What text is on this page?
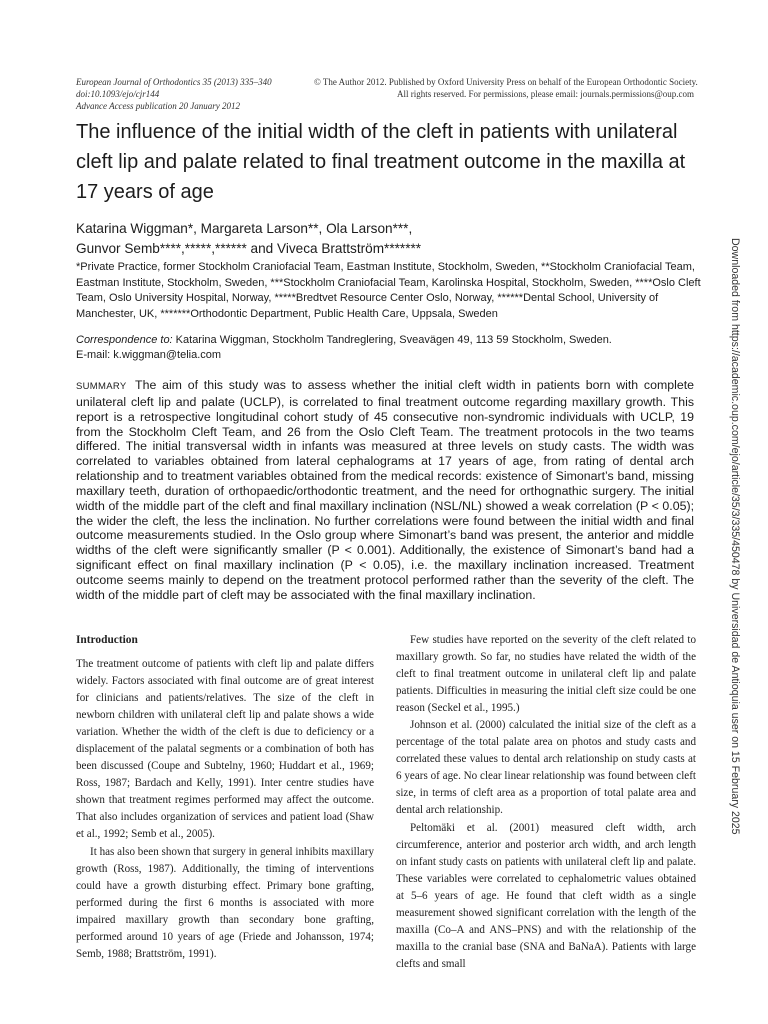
European Journal of Orthodontics 35 (2013) 335–340
doi:10.1093/ejo/cjr144
Advance Access publication 20 January 2012
© The Author 2012. Published by Oxford University Press on behalf of the European Orthodontic Society.
All rights reserved. For permissions, please email: journals.permissions@oup.com
The influence of the initial width of the cleft in patients with unilateral cleft lip and palate related to final treatment outcome in the maxilla at 17 years of age
Katarina Wiggman*, Margareta Larson**, Ola Larson***,
Gunvor Semb****,*****,****** and Viveca Brattström*******
*Private Practice, former Stockholm Craniofacial Team, Eastman Institute, Stockholm, Sweden, **Stockholm Craniofacial Team, Eastman Institute, Stockholm, Sweden, ***Stockholm Craniofacial Team, Karolinska Hospital, Stockholm, Sweden, ****Oslo Cleft Team, Oslo University Hospital, Norway, *****Bredtvet Resource Center Oslo, Norway, ******Dental School, University of Manchester, UK, *******Orthodontic Department, Public Health Care, Uppsala, Sweden
Correspondence to: Katarina Wiggman, Stockholm Tandreglering, Sveavägen 49, 113 59 Stockholm, Sweden.
E-mail: k.wiggman@telia.com
SUMMARY The aim of this study was to assess whether the initial cleft width in patients born with complete unilateral cleft lip and palate (UCLP), is correlated to final treatment outcome regarding maxillary growth. This report is a retrospective longitudinal cohort study of 45 consecutive non-syndromic individuals with UCLP, 19 from the Stockholm Cleft Team, and 26 from the Oslo Cleft Team. The treatment protocols in the two teams differed. The initial transversal width in infants was measured at three levels on study casts. The width was correlated to variables obtained from lateral cephalograms at 17 years of age, from rating of dental arch relationship and to treatment variables obtained from the medical records: existence of Simonart’s band, missing maxillary teeth, duration of orthopaedic/orthodontic treatment, and the need for orthognathic surgery. The initial width of the middle part of the cleft and final maxillary inclination (NSL/NL) showed a weak correlation (P < 0.05); the wider the cleft, the less the inclination. No further correlations were found between the initial width and final outcome measurements studied. In the Oslo group where Simonart’s band was present, the anterior and middle widths of the cleft were significantly smaller (P < 0.001). Additionally, the existence of Simonart’s band had a significant effect on final maxillary inclination (P < 0.05), i.e. the maxillary inclination increased. Treatment outcome seems mainly to depend on the treatment protocol performed rather than the severity of the cleft. The width of the middle part of cleft may be associated with the final maxillary inclination.
Introduction

The treatment outcome of patients with cleft lip and palate differs widely. Factors associated with final outcome are of great interest for clinicians and patients/relatives. The size of the cleft in newborn children with unilateral cleft lip and palate shows a wide variation. Whether the width of the cleft is due to deficiency or a displacement of the palatal segments or a combination of both has been discussed (Coupe and Subtelny, 1960; Huddart et al., 1969; Ross, 1987; Bardach and Kelly, 1991). Inter centre studies have shown that treatment regimes performed may affect the outcome. That also includes organization of services and patient load (Shaw et al., 1992; Semb et al., 2005).

It has also been shown that surgery in general inhibits maxillary growth (Ross, 1987). Additionally, the timing of interventions could have a growth disturbing effect. Primary bone grafting, performed during the first 6 months is associated with more impaired maxillary growth than secondary bone grafting, performed around 10 years of age (Friede and Johansson, 1974; Semb, 1988; Brattström, 1991).

Few studies have reported on the severity of the cleft related to maxillary growth. So far, no studies have related the width of the cleft to final treatment outcome in unilateral cleft lip and palate patients. Difficulties in measuring the initial cleft size could be one reason (Seckel et al., 1995.)

Johnson et al. (2000) calculated the initial size of the cleft as a percentage of the total palate area on photos and study casts and correlated these values to dental arch relationship on study casts at 6 years of age. No clear linear relationship was found between cleft size, in terms of cleft area as a proportion of total palate area and dental arch relationship.

Peltomäki et al. (2001) measured cleft width, arch circumference, anterior and posterior arch width, and arch length on infant study casts on patients with unilateral cleft lip and palate. These variables were correlated to cephalometric values obtained at 5–6 years of age. He found that cleft width as a single measurement showed significant correlation with the length of the maxilla (Co–A and ANS–PNS) and with the relationship of the maxilla to the cranial base (SNA and BaNaA). Patients with large clefts and small

Downloaded from https://academic.oup.com/ejo/article/35/3/335/450478 by Universidad de Antioquia user on 15 February 2025
